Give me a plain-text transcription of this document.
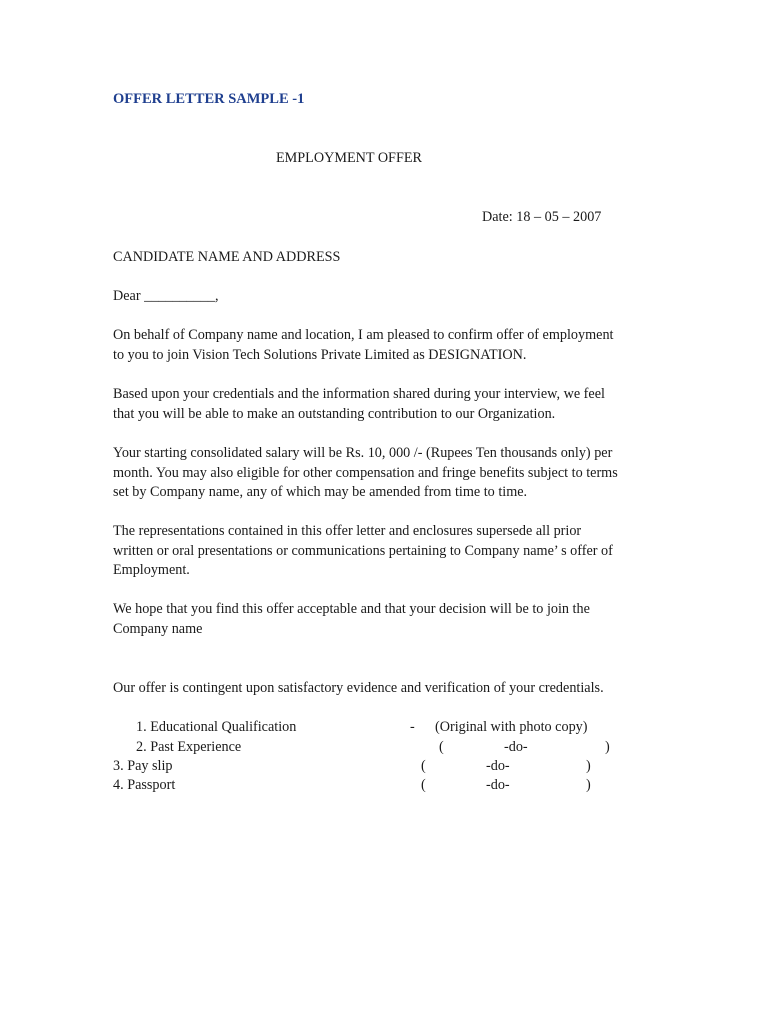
OFFER LETTER SAMPLE -1
EMPLOYMENT OFFER
Date: 18 – 05 – 2007
CANDIDATE NAME AND ADDRESS
Dear __________,
On behalf of Company name and location, I am pleased to confirm offer of employment
to you to join Vision Tech Solutions Private Limited as DESIGNATION.
Based upon your credentials and the information shared during your interview, we feel
that you will be able to make an outstanding contribution to our Organization.
Your starting consolidated salary will be Rs. 10, 000 /- (Rupees Ten thousands only) per
month. You may also eligible for other compensation and fringe benefits subject to terms
set by Company name, any of which may be amended from time to time.
The representations contained in this offer letter and enclosures supersede all prior
written or oral presentations or communications pertaining to Company name’ s offer of
Employment.
We hope that you find this offer acceptable and that your decision will be to join the
Company name
Our offer is contingent upon satisfactory evidence and verification of your credentials.
1. Educational Qualification	- (Original with photo copy)
2. Past Experience	(	-do-	)
3. Pay slip	(	-do-	)
4. Passport	(	-do-	)
